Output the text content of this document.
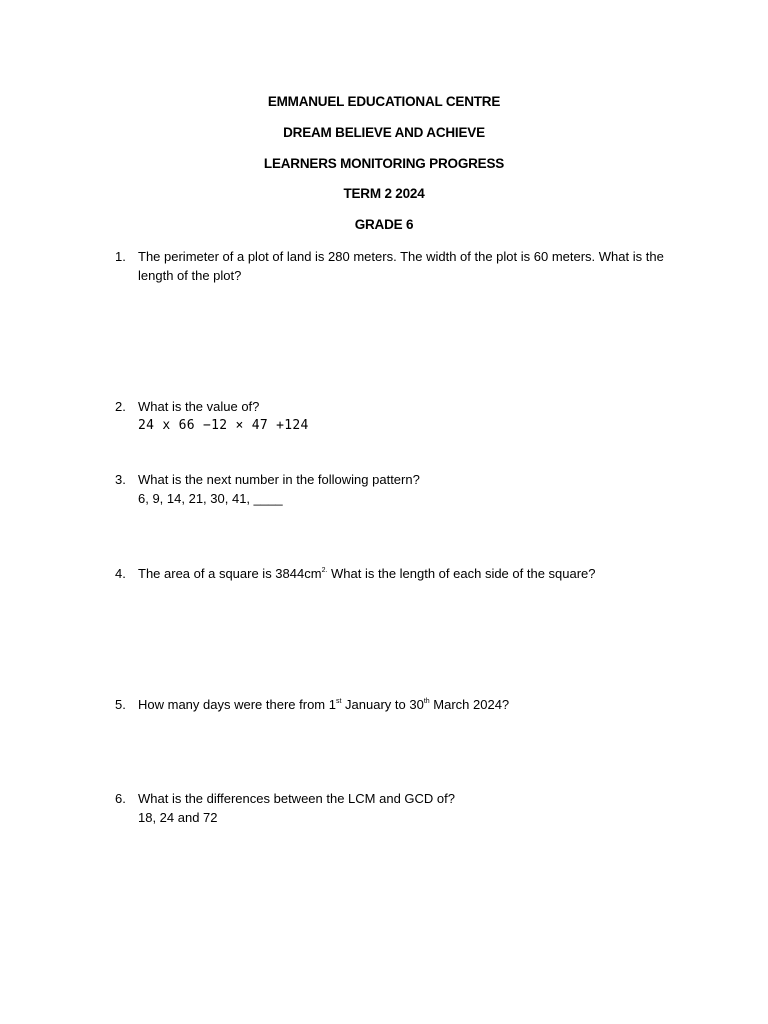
EMMANUEL EDUCATIONAL CENTRE
DREAM BELIEVE AND ACHIEVE
LEARNERS MONITORING PROGRESS
TERM 2 2024
GRADE 6
1. The perimeter of a plot of land is 280 meters. The width of the plot is 60 meters. What is the length of the plot?
2. What is the value of?
24 x 66 −12 × 47 +124
3. What is the next number in the following pattern?
6, 9, 14, 21, 30, 41, ____
4. The area of a square is $3844cm^{2.}$ What is the length of each side of the square?
5. How many days were there from 1st January to 30th March 2024?
6. What is the differences between the LCM and GCD of?
18, 24 and 72
